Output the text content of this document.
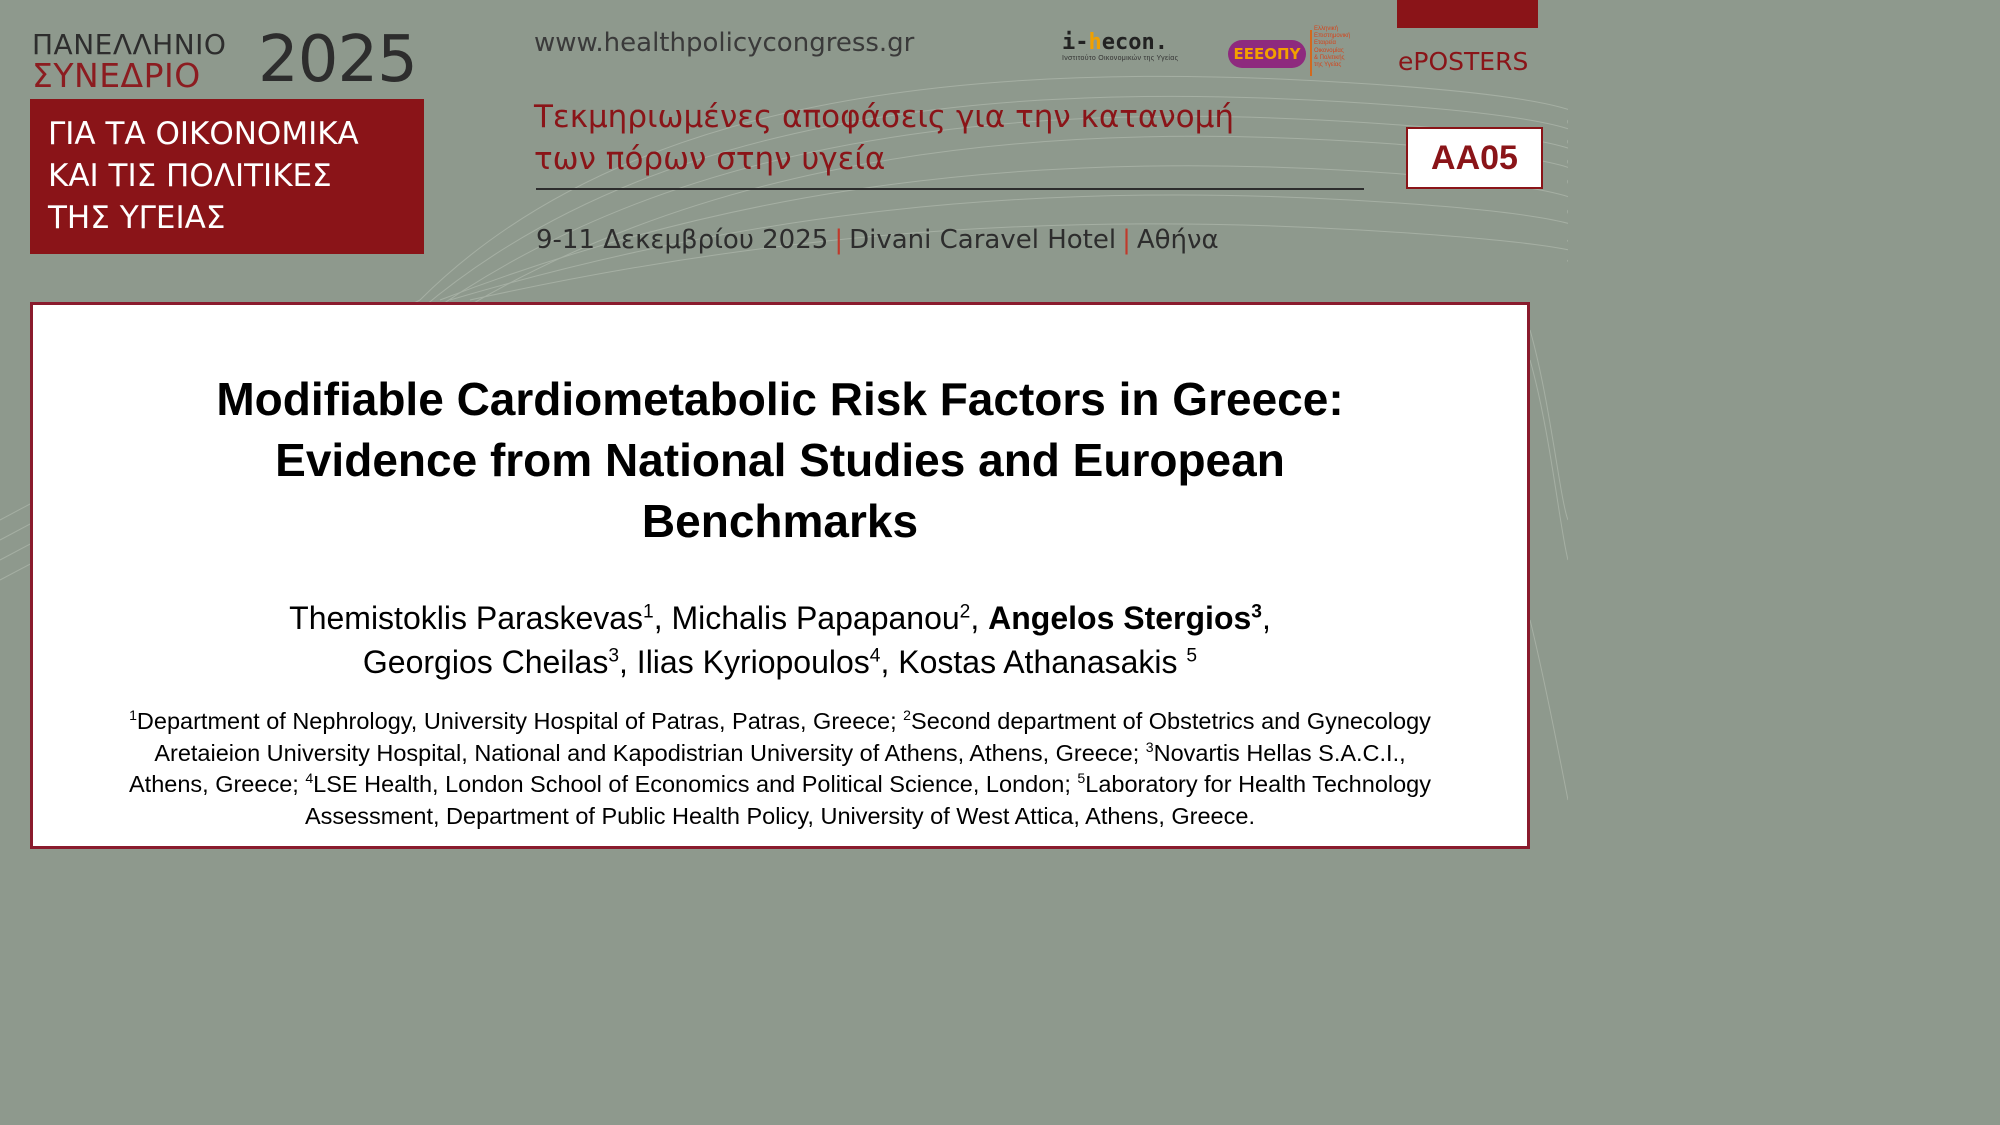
ΠΑΝΕΛΛΗΝΙΟ
ΣΥΝΕΔΡΙΟ 2025
ΓΙΑ ΤΑ ΟΙΚΟΝΟΜΙΚΑ
ΚΑΙ ΤΙΣ ΠΟΛΙΤΙΚΕΣ
ΤΗΣ ΥΓΕΙΑΣ
www.healthpolicycongress.gr	i-hecon.
Ινστιτούτο Οικονομικών της Υγείας	ΕΕΕΟΠΥ
Ελληνική
Επιστημονική
Εταιρεία
Οικονομίας
& Πολιτικής
της Υγείας	ePOSTERS
Τεκμηριωμένες αποφάσεις για την κατανομή
των πόρων στην υγεία	AA05
9-11 Δεκεμβρίου 2025 | Divani Caravel Hotel | Αθήνα
Modifiable Cardiometabolic Risk Factors in Greece:
Evidence from National Studies and European
Benchmarks
Themistoklis Paraskevas$^1$, Michalis Papapanou$^2$, Angelos Stergios$^3$,
Georgios Cheilas$^3$, Ilias Kyriopoulos$^4$, Kostas Athanasakis $^5$
$^1$Department of Nephrology, University Hospital of Patras, Patras, Greece; $^2$Second department of Obstetrics and Gynecology
Aretaieion University Hospital, National and Kapodistrian University of Athens, Athens, Greece; $^3$Novartis Hellas S.A.C.I.,
Athens, Greece; $^4$LSE Health, London School of Economics and Political Science, London; $^5$Laboratory for Health Technology
Assessment, Department of Public Health Policy, University of West Attica, Athens, Greece.
